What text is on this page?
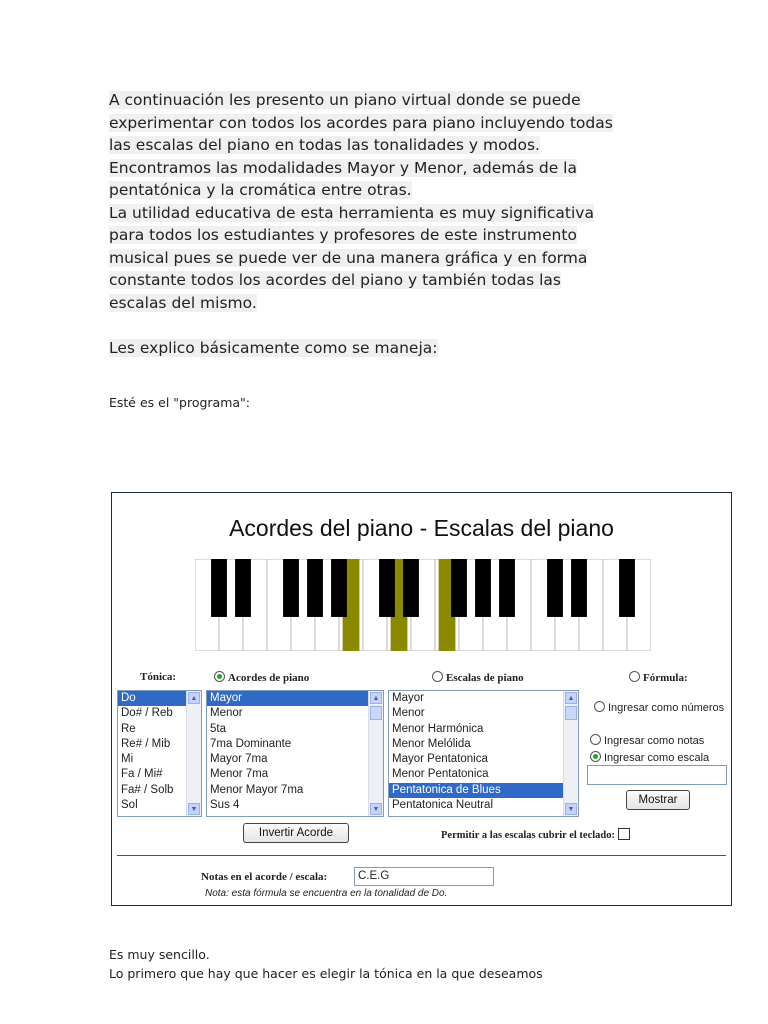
A continuación les presento un piano virtual donde se puede
experimentar con todos los acordes para piano incluyendo todas
las escalas del piano en todas las tonalidades y modos.
Encontramos las modalidades Mayor y Menor, además de la
pentatónica y la cromática entre otras.
La utilidad educativa de esta herramienta es muy significativa
para todos los estudiantes y profesores de este instrumento
musical pues se puede ver de una manera gráfica y en forma
constante todos los acordes del piano y también todas las
escalas del mismo.
Les explico básicamente como se maneja:
Esté es el "programa":
Acordes del piano - Escalas del piano
Tónica:	Acordes de piano	Escalas de piano	Fórmula:
Do
Do# / Reb
Re
Re# / Mib
Mi
Fa / Mi#
Fa# / Solb
Sol
▲
▼
Mayor
Menor
5ta
7ma Dominante
Mayor 7ma
Menor 7ma
Menor Mayor 7ma
Sus 4
▲
▼
Mayor
Menor
Menor Harmónica
Menor Melólida
Mayor Pentatonica
Menor Pentatonica
Pentatonica de Blues
Pentatonica Neutral
▲
▼
Ingresar como números
Ingresar como notas
Ingresar como escala
Mostrar
Invertir Acorde	Permitir a las escalas cubrir el teclado:
Notas en el acorde / escala:	C.E.G
Nota: esta fórmula se encuentra en la tonalidad de Do.
Es muy sencillo.
Lo primero que hay que hacer es elegir la tónica en la que deseamos
